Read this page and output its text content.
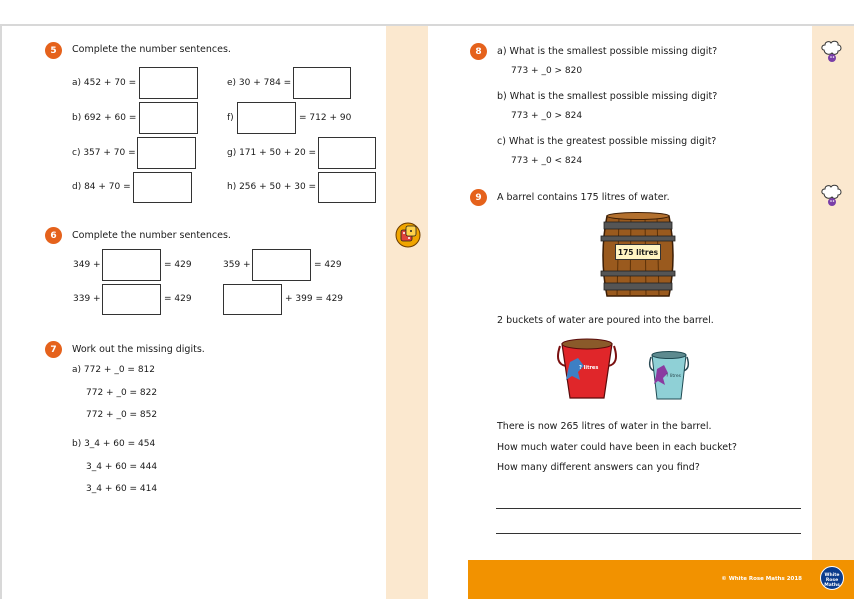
5	Complete the number sentences.
a) 452 + 70 =
b) 692 + 60 =
c) 357 + 70 =
d) 84 + 70 =
e) 30 + 784 =
f)	= 712 + 90
g) 171 + 50 + 20 =
h) 256 + 50 + 30 =
6	Complete the number sentences.
349 +	= 429	359 +	= 429
339 +	= 429	+ 399 = 429
7	Work out the missing digits.
a) 772 + _0 = 812
772 + _0 = 822
772 + _0 = 852
b) 3_4 + 60 = 454
3_4 + 60 = 444
3_4 + 60 = 414
8	a) What is the smallest possible missing digit?
773 + _0 > 820
b) What is the smallest possible missing digit?
773 + _0 > 824
c) What is the greatest possible missing digit?
773 + _0 < 824
9	A barrel contains 175 litres of water.
175 litres
2 buckets of water are poured into the barrel.
? litres
? litres
There is now 265 litres of water in the barrel.
How much water could have been in each bucket?
How many different answers can you find?
© White Rose Maths 2018
White Rose Maths
